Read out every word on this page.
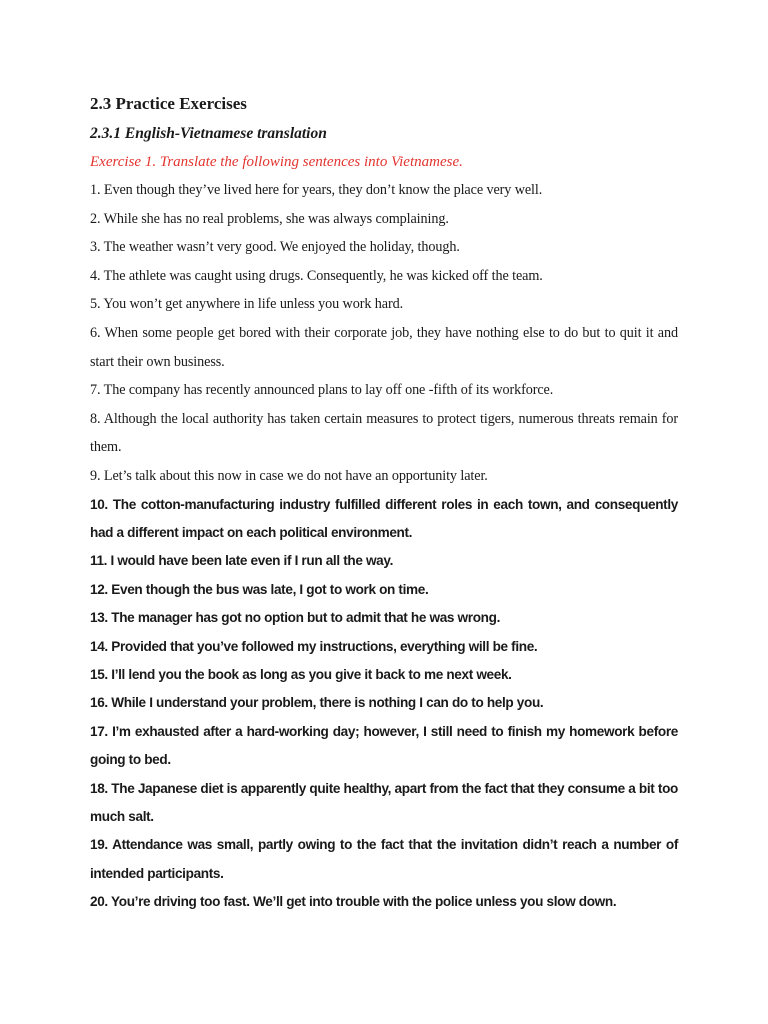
2.3 Practice Exercises
2.3.1 English-Vietnamese translation

Exercise 1. Translate the following sentences into Vietnamese.

1. Even though they’ve lived here for years, they don’t know the place very well.
2. While she has no real problems, she was always complaining.
3. The weather wasn’t very good. We enjoyed the holiday, though.
4. The athlete was caught using drugs. Consequently, he was kicked off the team.
5. You won’t get anywhere in life unless you work hard.
6. When some people get bored with their corporate job, they have nothing else to do but to quit it and start their own business.
7. The company has recently announced plans to lay off one -fifth of its workforce.
8. Although the local authority has taken certain measures to protect tigers, numerous threats remain for them.
9. Let’s talk about this now in case we do not have an opportunity later.
10. The cotton-manufacturing industry fulfilled different roles in each town, and consequently had a different impact on each political environment.
11. I would have been late even if I run all the way.
12. Even though the bus was late, I got to work on time.
13. The manager has got no option but to admit that he was wrong.
14. Provided that you’ve followed my instructions, everything will be fine.
15. I’ll lend you the book as long as you give it back to me next week.
16. While I understand your problem, there is nothing I can do to help you.
17. I’m exhausted after a hard-working day; however, I still need to finish my homework before going to bed.
18. The Japanese diet is apparently quite healthy, apart from the fact that they consume a bit too much salt.
19. Attendance was small, partly owing to the fact that the invitation didn’t reach a number of intended participants.
20. You’re driving too fast. We’ll get into trouble with the police unless you slow down.
